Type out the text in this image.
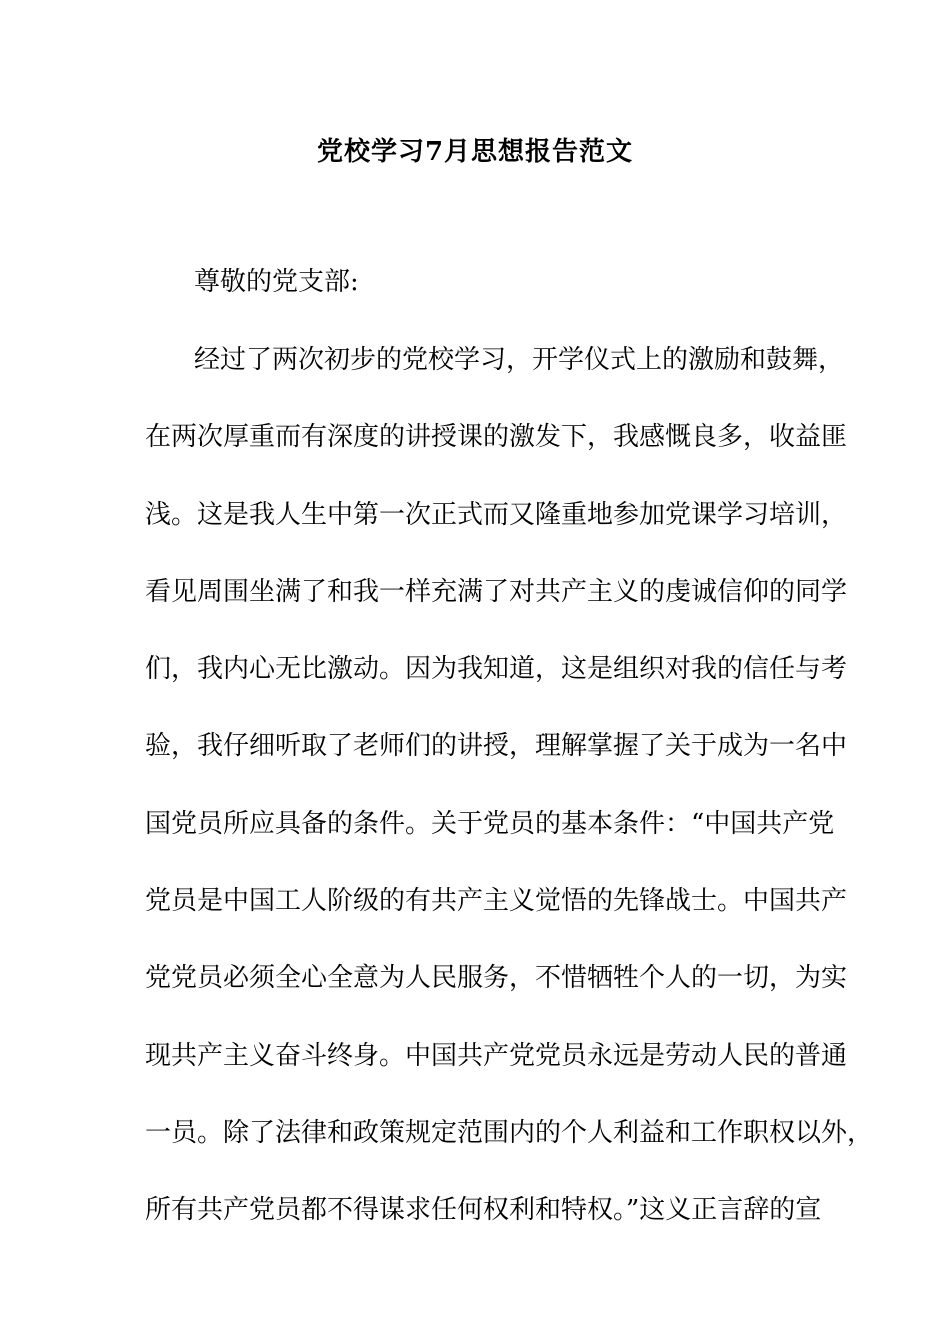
党校学习7月思想报告范文
尊敬的党支部:
经过了两次初步的党校学习，开学仪式上的激励和鼓舞，
在两次厚重而有深度的讲授课的激发下，我感慨良多，收益匪
浅。这是我人生中第一次正式而又隆重地参加党课学习培训，
看见周围坐满了和我一样充满了对共产主义的虔诚信仰的同学
们，我内心无比激动。因为我知道，这是组织对我的信任与考
验，我仔细听取了老师们的讲授，理解掌握了关于成为一名中
国党员所应具备的条件。关于党员的基本条件：“中国共产党
党员是中国工人阶级的有共产主义觉悟的先锋战士。中国共产
党党员必须全心全意为人民服务，不惜牺牲个人的一切，为实
现共产主义奋斗终身。中国共产党党员永远是劳动人民的普通
一员。除了法律和政策规定范围内的个人利益和工作职权以外，
所有共产党员都不得谋求任何权利和特权。”这义正言辞的宣
